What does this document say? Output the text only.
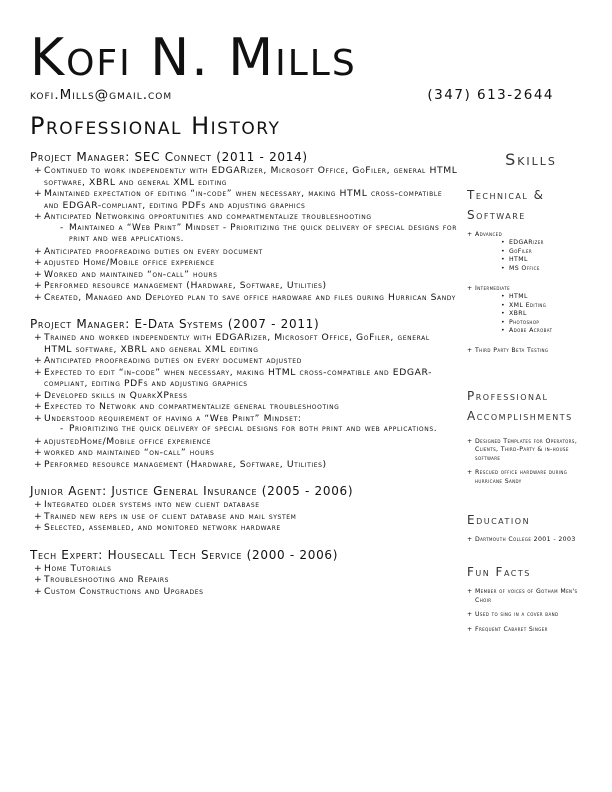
Kofi N. Mills
kofi.Mills@gmail.com	(347) 613-2644
Professional History
Project Manager: SEC Connect (2011 - 2014)
+ Continued to work independently with EDGARizer, Microsoft Office, GoFiler, general HTML software, XBRL and general XML editing
+ Maintained expectation of editing “in-code” when necessary, making HTML cross-compatible and EDGAR-compliant, editing PDFs and adjusting graphics
+ Anticipated Networking opportunities and compartmentalize troubleshooting
- Maintained a “Web Print” Mindset - Prioritizing the quick delivery of special designs for print and web applications.
+ Anticipated proofreading duties on every document
+ adjusted Home/Mobile office experience
+ Worked and maintained “on-call” hours
+ Performed resource management (Hardware, Software, Utilities)
+ Created, Managed and Deployed plan to save office hardware and files during Hurrican Sandy
Project Manager: E-Data Systems (2007 - 2011)
+ Trained and worked independently with EDGARizer, Microsoft Office, GoFiler, general HTML software, XBRL and general XML editing
+ Anticipated proofreading duties on every document adjusted
+ Expected to edit “in-code” when necessary, making HTML cross-compatible and EDGAR-compliant, editing PDFs and adjusting graphics
+ Developed skills in QuarkXPress
+ Expected to Network and compartmentalize general troubleshooting
+ Understood requirement of having a “Web Print” Mindset:
- Prioritizing the quick delivery of special designs for both print and web applications.
+ adjustedHome/Mobile office experience
+ worked and maintained “on-call” hours
+ Performed resource management (Hardware, Software, Utilities)
Junior Agent: Justice General Insurance (2005 - 2006)
+ Integrated older systems into new client database
+ Trained new reps in use of client database and mail system
+ Selected, assembled, and monitored network hardware
Tech Expert: Housecall Tech Service (2000 - 2006)
+ Home Tutorials
+ Troubleshooting and Repairs
+ Custom Constructions and Upgrades
Skills
Technical &
Software
+ Advanced
• EDGARizer
• GoFiler
• HTML
• MS Office
+ Intermediate
• HTML
• XML Editing
• XBRL
• Photoshop
• Adobe Acrobat
+ Third Party Beta Testing
Professional
Accomplishments
+ Designed Templates for Operators, Clients, Third-Party & in-house software
+ Rescued office hardware during hurricane Sandy
Education
+ Dartmouth College 2001 - 2003
Fun Facts
+ Member of voices of Gotham Men's Choir
+ Used to sing in a cover band
+ Frequent Cabaret Singer
